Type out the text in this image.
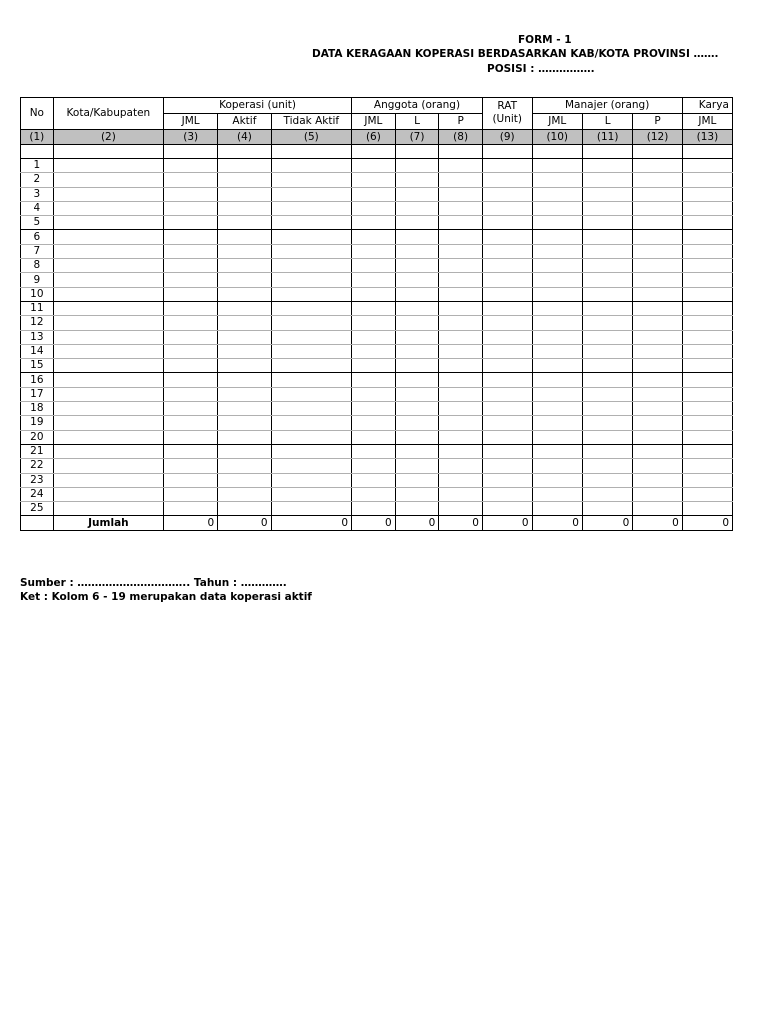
FORM - 1
DATA KERAGAAN KOPERASI BERDASARKAN KAB/KOTA PROVINSI …….
POSISI : …………….
No	Kota/Kabupaten	Koperasi (unit)			Anggota (orang)			RAT (Unit)	Manajer (orang)			Karya
		JML	Aktif	Tidak Aktif	JML	L	P		JML	L	P	JML
(1)	(2)	(3)	(4)	(5)	(6)	(7)	(8)	(9)	(10)	(11)	(12)	(13)

1												
2												
3												
4												
5												
6												
7												
8												
9												
10												
11												
12												
13												
14												
15												
16												
17												
18												
19												
20												
21												
22												
23												
24												
25												
	Jumlah	0	0	0	0	0	0	0	0	0	0	0
Sumber : ………………………….. Tahun : ………….
Ket : Kolom 6 - 19 merupakan data koperasi aktif
